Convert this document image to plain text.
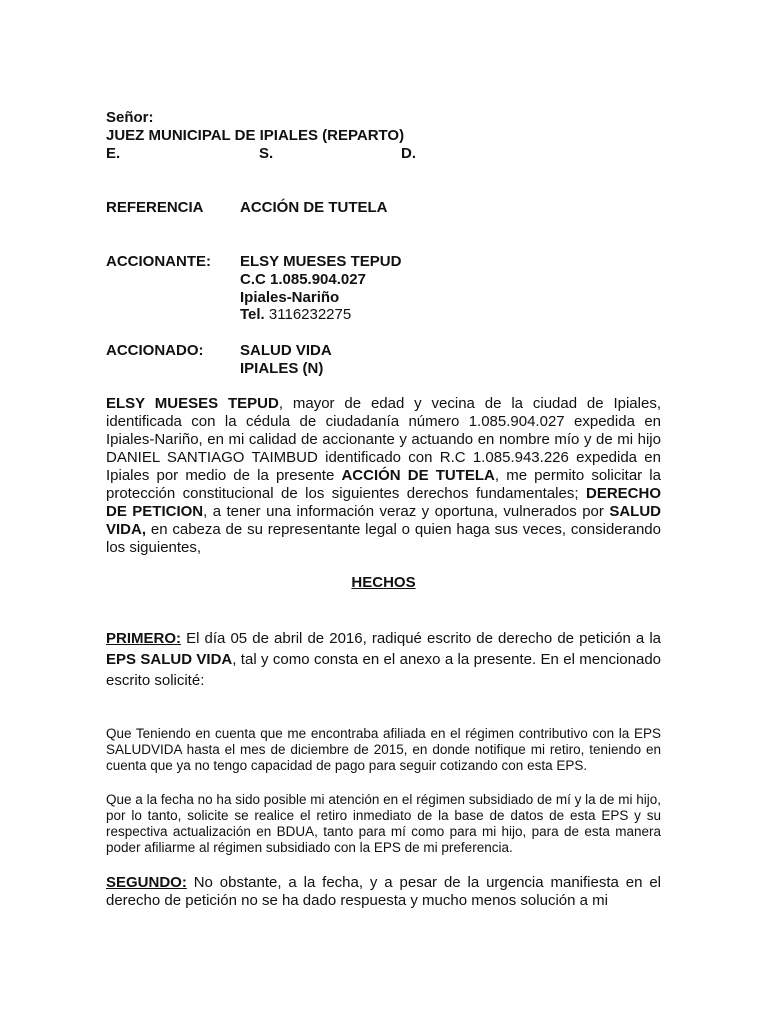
Señor:
JUEZ MUNICIPAL DE IPIALES (REPARTO)
E.	S.	D.

REFERENCIA ACCIÓN DE TUTELA
ACCIONANTE: ELSY MUESES TEPUD
C.C 1.085.904.027
Ipiales-Nariño
Tel. 3116232275
ACCIONADO: SALUD VIDA
IPIALES (N)
ELSY MUESES TEPUD, mayor de edad y vecina de la ciudad de Ipiales, identificada con la cédula de ciudadanía número 1.085.904.027 expedida en Ipiales-Nariño, en mi calidad de accionante y actuando en nombre mío y de mi hijo DANIEL SANTIAGO TAIMBUD identificado con R.C 1.085.943.226 expedida en Ipiales por medio de la presente ACCIÓN DE TUTELA, me permito solicitar la protección constitucional de los siguientes derechos fundamentales; DERECHO DE PETICION, a tener una información veraz y oportuna, vulnerados por SALUD VIDA, en cabeza de su representante legal o quien haga sus veces, considerando los siguientes,
HECHOS
PRIMERO: El día 05 de abril de 2016, radiqué escrito de derecho de petición a la EPS SALUD VIDA, tal y como consta en el anexo a la presente. En el mencionado escrito solicité:
Que Teniendo en cuenta que me encontraba afiliada en el régimen contributivo con la EPS SALUDVIDA hasta el mes de diciembre de 2015, en donde notifique mi retiro, teniendo en cuenta que ya no tengo capacidad de pago para seguir cotizando con esta EPS.
Que a la fecha no ha sido posible mi atención en el régimen subsidiado de mí y la de mi hijo, por lo tanto, solicite se realice el retiro inmediato de la base de datos de esta EPS y su respectiva actualización en BDUA, tanto para mí como para mi hijo, para de esta manera poder afiliarme al régimen subsidiado con la EPS de mi preferencia.
SEGUNDO: No obstante, a la fecha, y a pesar de la urgencia manifiesta en el derecho de petición no se ha dado respuesta y mucho menos solución a mi
